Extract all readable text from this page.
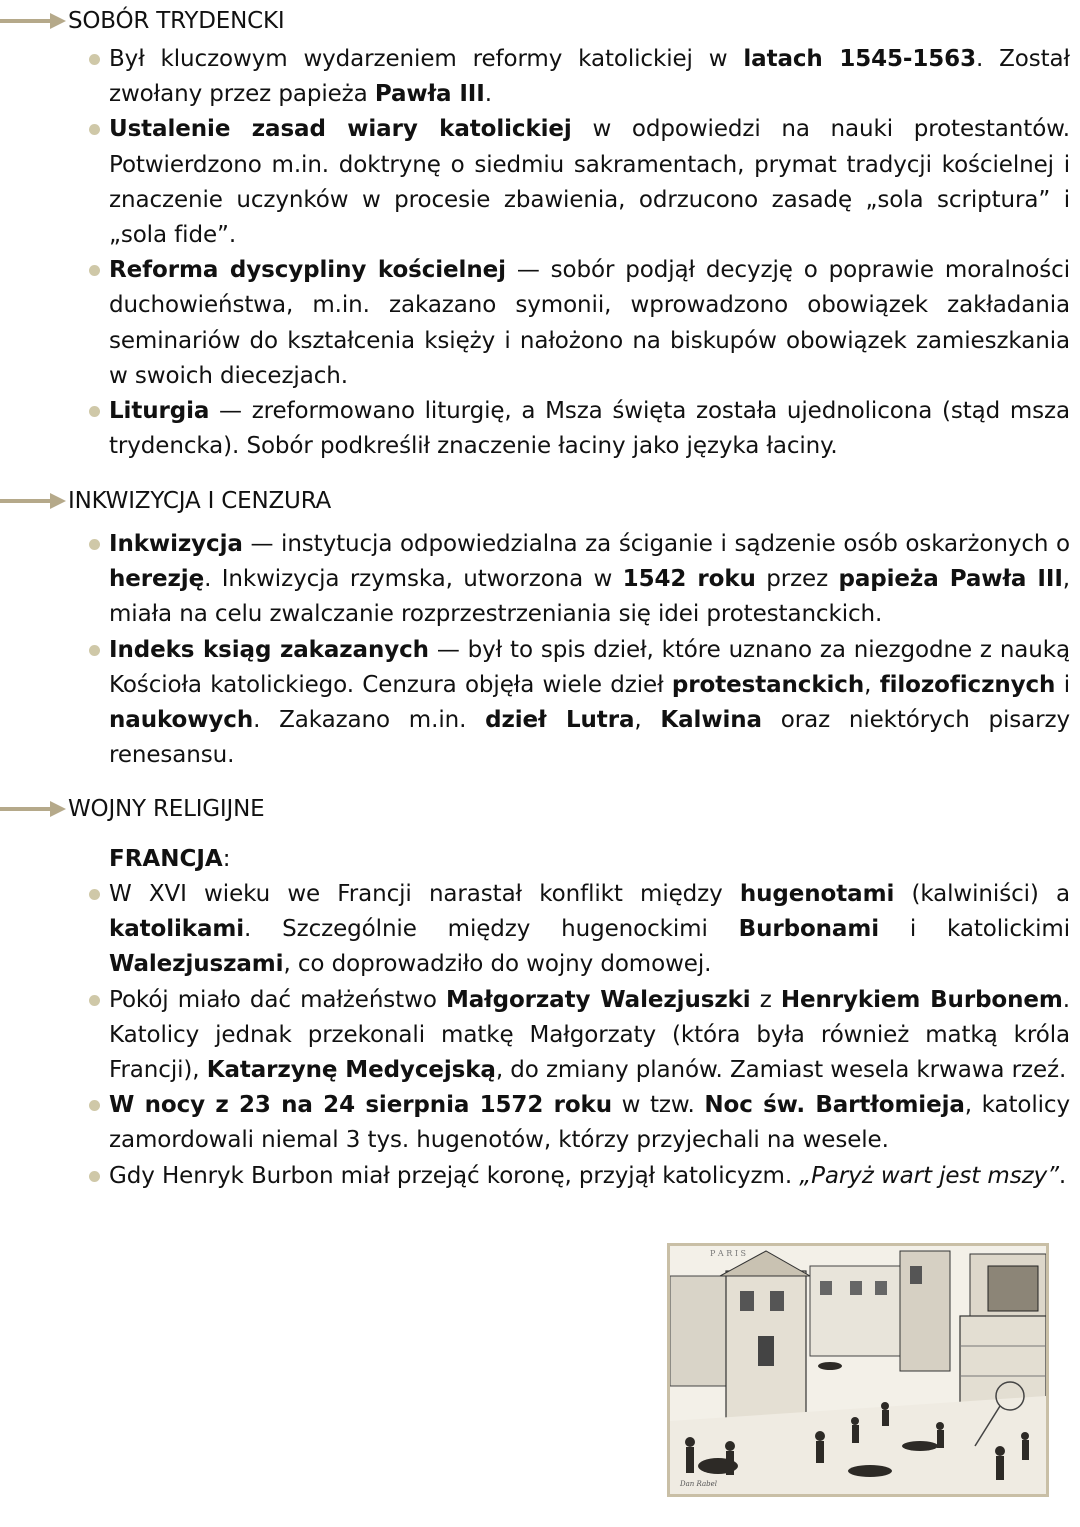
SOBÓR TRYDENCKI
Był kluczowym wydarzeniem reformy katolickiej w latach 1545-1563. Został zwołany przez papieża Pawła III.
Ustalenie zasad wiary katolickiej w odpowiedzi na nauki protestantów. Potwierdzono m.in. doktrynę o siedmiu sakramentach, prymat tradycji kościelnej i znaczenie uczynków w procesie zbawienia, odrzucono zasadę „sola scriptura” i „sola fide”.
Reforma dyscypliny kościelnej — sobór podjął decyzję o poprawie moralności duchowieństwa, m.in. zakazano symonii, wprowadzono obowiązek zakładania seminariów do kształcenia księży i nałożono na biskupów obowiązek zamieszkania w swoich diecezjach.
Liturgia — zreformowano liturgię, a Msza święta została ujednolicona (stąd msza trydencka). Sobór podkreślił znaczenie łaciny jako języka łaciny.
INKWIZYCJA I CENZURA
Inkwizycja — instytucja odpowiedzialna za ściganie i sądzenie osób oskarżonych o herezję. Inkwizycja rzymska, utworzona w 1542 roku przez papieża Pawła III, miała na celu zwalczanie rozprzestrzeniania się idei protestanckich.
Indeks ksiąg zakazanych — był to spis dzieł, które uznano za niezgodne z nauką Kościoła katolickiego. Cenzura objęła wiele dzieł protestanckich, filozoficznych i naukowych. Zakazano m.in. dzieł Lutra, Kalwina oraz niektórych pisarzy renesansu.
WOJNY RELIGIJNE
FRANCJA:
W XVI wieku we Francji narastał konflikt między hugenotami (kalwiniści) a katolikami. Szczególnie między hugenockimi Burbonami i katolickimi Walezjuszami, co doprowadziło do wojny domowej.
Pokój miało dać małżeństwo Małgorzaty Walezjuszki z Henrykiem Burbonem. Katolicy jednak przekonali matkę Małgorzaty (która była również matką króla Francji), Katarzynę Medycejską, do zmiany planów. Zamiast wesela krwawa rzeź.
W nocy z 23 na 24 sierpnia 1572 roku w tzw. Noc św. Bartłomieja, katolicy zamordowali niemal 3 tys. hugenotów, którzy przyjechali na wesele.
Gdy Henryk Burbon miał przejąć koronę, przyjął katolicyzm. „Paryż wart jest mszy”.
P A R I S
Dan Rabel
